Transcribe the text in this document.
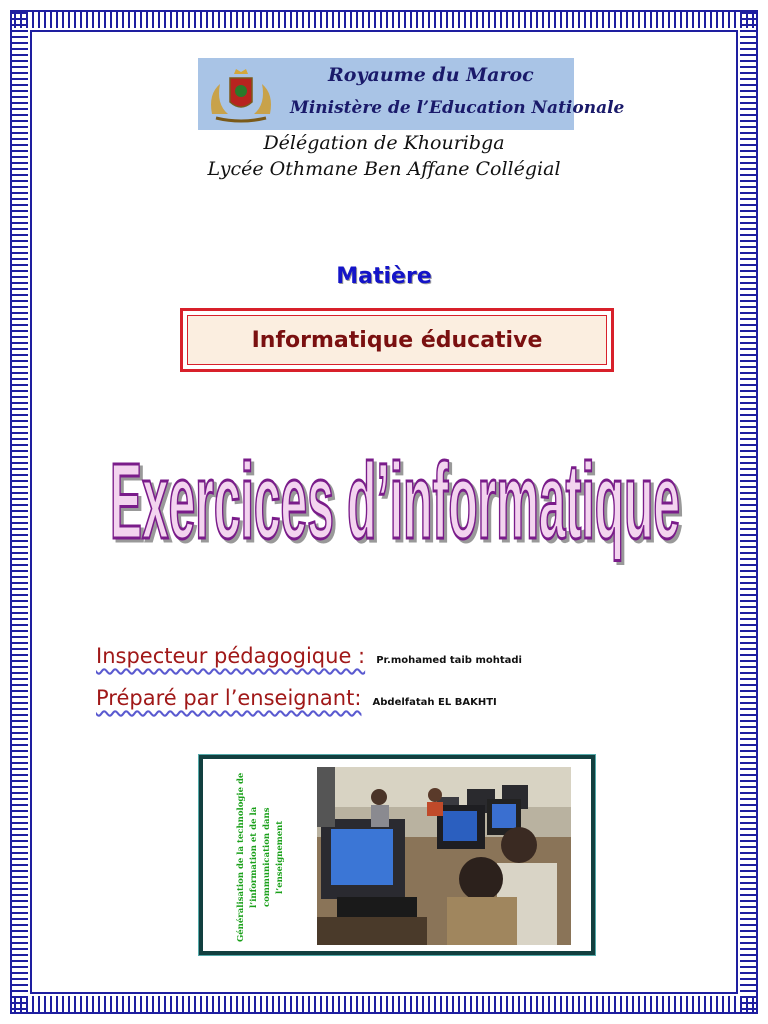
Royaume du Maroc
Ministère de l’Education Nationale
Délégation de Khouribga
Lycée Othmane Ben Affane Collégial
Matière
Informatique éducative
Exercices d’informatique
Inspecteur pédagogique : Pr.mohamed taib mohtadi
Préparé par l’enseignant: Abdelfatah EL BAKHTI
Généralisation de la technologie de l’information et de la communication dans l’enseignement
